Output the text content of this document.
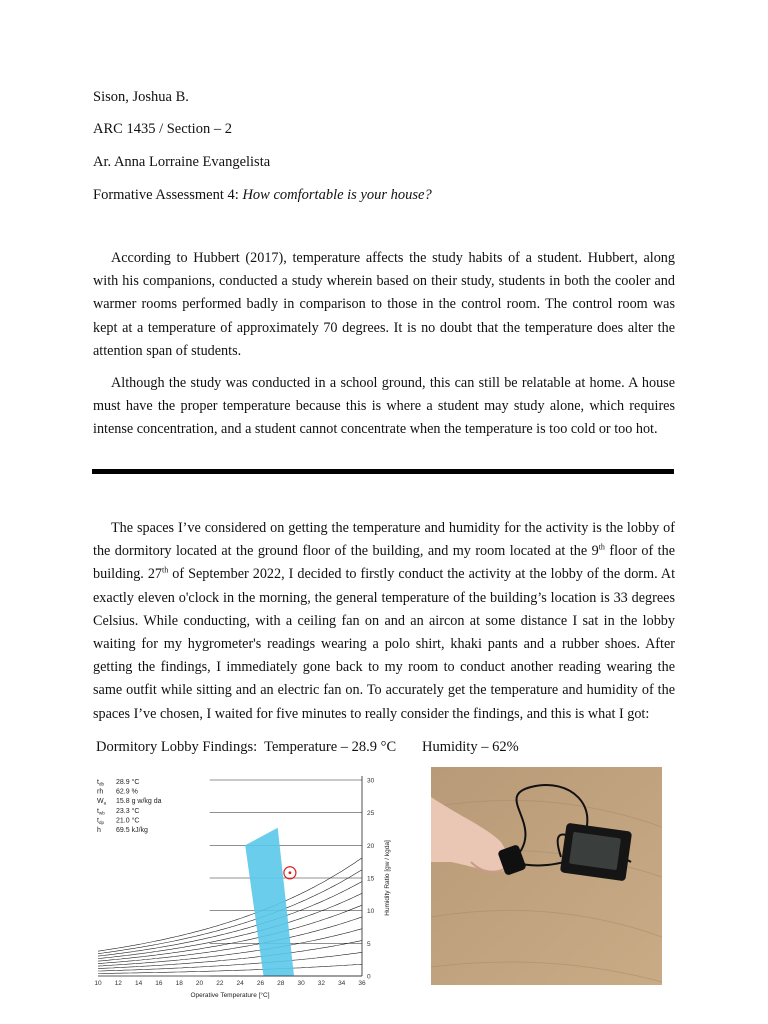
Sison, Joshua B.
ARC 1435 / Section – 2
Ar. Anna Lorraine Evangelista
Formative Assessment 4: How comfortable is your house?

According to Hubbert (2017), temperature affects the study habits of a student. Hubbert, along with his companions, conducted a study wherein based on their study, students in both the cooler and warmer rooms performed badly in comparison to those in the control room. The control room was kept at a temperature of approximately 70 degrees. It is no doubt that the temperature does alter the attention span of students.

Although the study was conducted in a school ground, this can still be relatable at home. A house must have the proper temperature because this is where a student may study alone, which requires intense concentration, and a student cannot concentrate when the temperature is too cold or too hot.

The spaces I’ve considered on getting the temperature and humidity for the activity is the lobby of the dormitory located at the ground floor of the building, and my room located at the 9th floor of the building. 27th of September 2022, I decided to firstly conduct the activity at the lobby of the dorm. At exactly eleven o'clock in the morning, the general temperature of the building’s location is 33 degrees Celsius. While conducting, with a ceiling fan on and an aircon at some distance I sat in the lobby waiting for my hygrometer's readings wearing a polo shirt, khaki pants and a rubber shoes. After getting the findings, I immediately gone back to my room to conduct another reading wearing the same outfit while sitting and an electric fan on. To accurately get the temperature and humidity of the spaces I’ve chosen, I waited for five minutes to really consider the findings, and this is what I got:

Dormitory Lobby Findings: Temperature – 28.9 °C Humidity – 62%
$t_{db}$ 28.9 °C
rh 62.9 %
$W_a$ 15.8 g w/kg da
$t_{wb}$ 23.3 °C
$t_{dp}$ 21.0 °C
h 69.5 kJ/kg
10 12 14 16 18 20 22 24 26 28 30 32 34 36
0
5
10
15
20
25
30
Operative Temperature [°C]
Humidity Ratio [gw / kgda]
